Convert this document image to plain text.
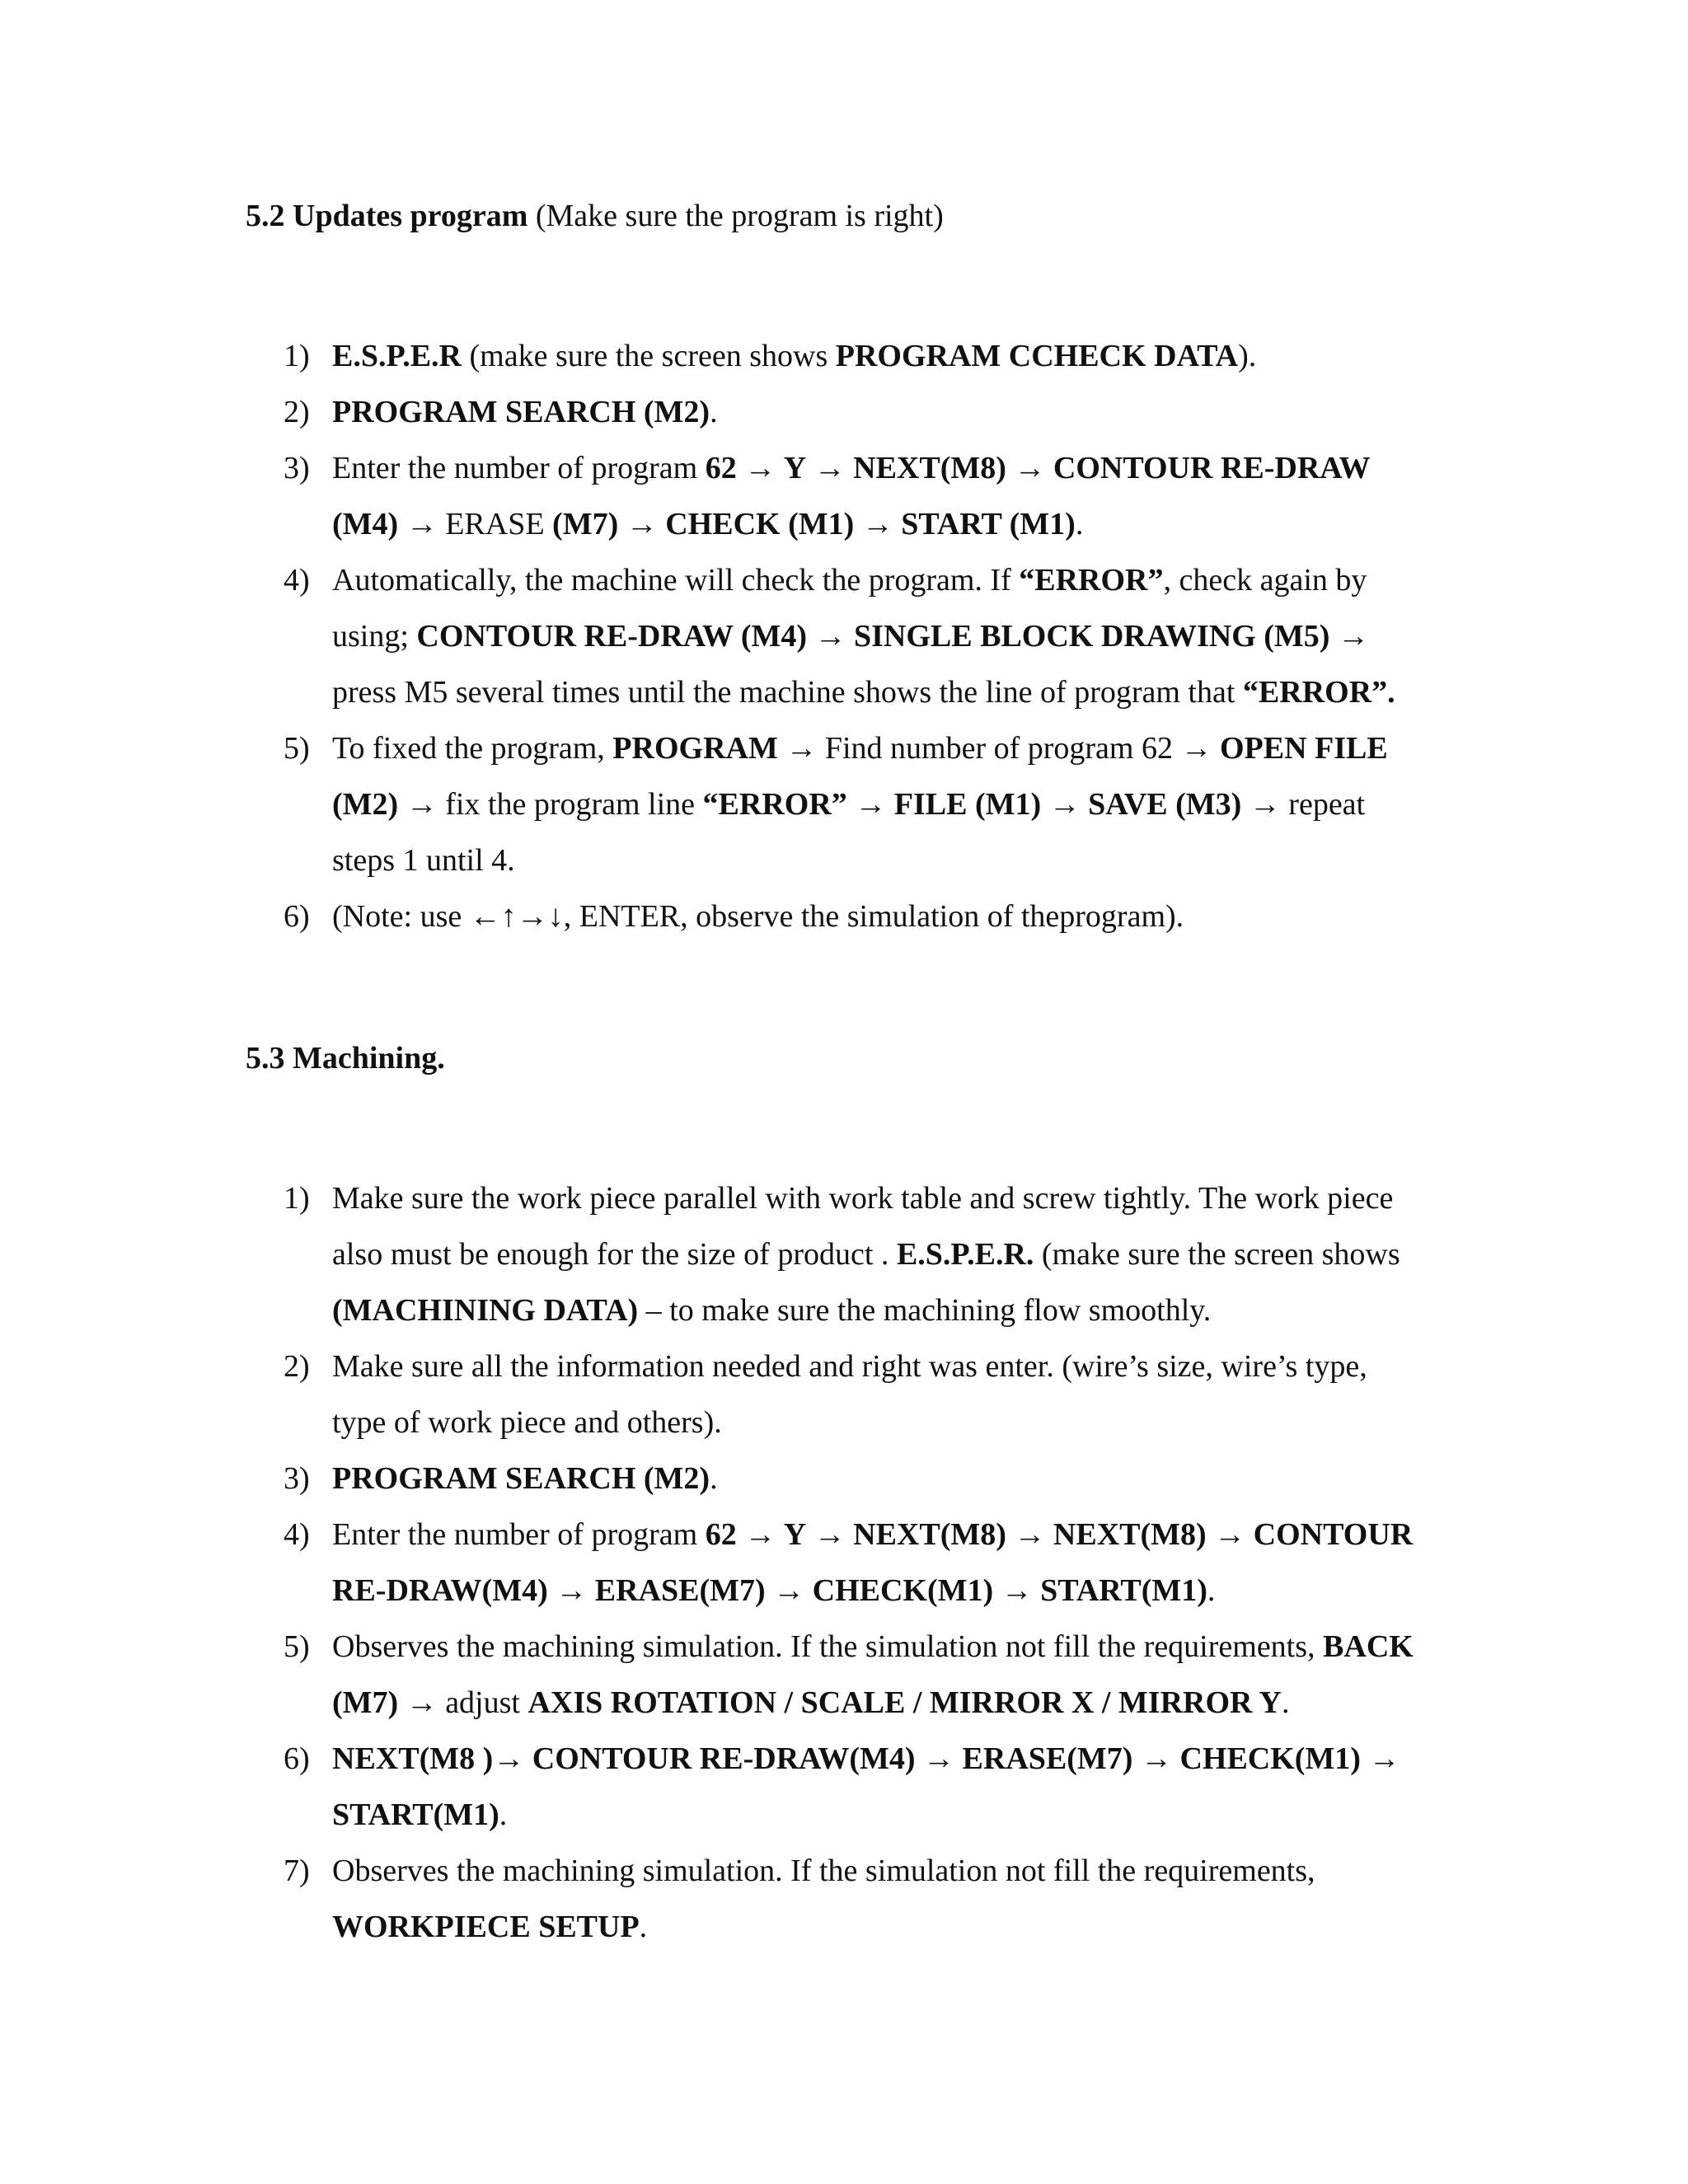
5.2 Updates program (Make sure the program is right)
1) E.S.P.E.R (make sure the screen shows PROGRAM CCHECK DATA).
2) PROGRAM SEARCH (M2).
3) Enter the number of program 62 → Y → NEXT(M8) → CONTOUR RE-DRAW
(M4) → ERASE (M7) → CHECK (M1) → START (M1).
4) Automatically, the machine will check the program. If “ERROR”, check again by
using; CONTOUR RE-DRAW (M4) → SINGLE BLOCK DRAWING (M5) →
press M5 several times until the machine shows the line of program that “ERROR”.
5) To fixed the program, PROGRAM → Find number of program 62 → OPEN FILE
(M2) → fix the program line “ERROR” → FILE (M1) → SAVE (M3) → repeat
steps 1 until 4.
6) (Note: use ←↑→↓, ENTER, observe the simulation of theprogram).
5.3 Machining.
1) Make sure the work piece parallel with work table and screw tightly. The work piece
also must be enough for the size of product . E.S.P.E.R. (make sure the screen shows
(MACHINING DATA) – to make sure the machining flow smoothly.
2) Make sure all the information needed and right was enter. (wire’s size, wire’s type,
type of work piece and others).
3) PROGRAM SEARCH (M2).
4) Enter the number of program 62 → Y → NEXT(M8) → NEXT(M8) → CONTOUR
RE-DRAW(M4) → ERASE(M7) → CHECK(M1) → START(M1).
5) Observes the machining simulation. If the simulation not fill the requirements, BACK
(M7) → adjust AXIS ROTATION / SCALE / MIRROR X / MIRROR Y.
6) NEXT(M8 )→ CONTOUR RE-DRAW(M4) → ERASE(M7) → CHECK(M1) →
START(M1).
7) Observes the machining simulation. If the simulation not fill the requirements,
WORKPIECE SETUP.
